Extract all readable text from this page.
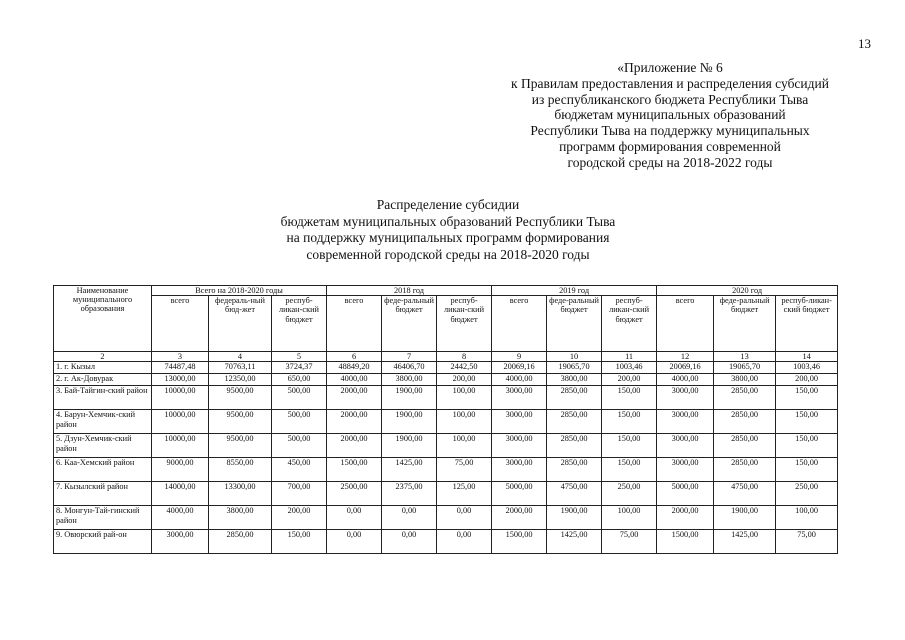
13
«Приложение № 6
к Правилам предоставления и распределения субсидий
из республиканского бюджета Республики Тыва
бюджетам муниципальных образований
Республики Тыва на поддержку муниципальных
программ формирования современной
городской среды на 2018-2022 годы
Распределение субсидии
бюджетам муниципальных образований Республики Тыва
на поддержку муниципальных программ формирования
современной городской среды на 2018-2020 годы
Наименование муниципального образования	Всего на 2018-2020 годы			2018 год			2019 год			2020 год		
	всего	федераль-ный бюд-жет	респуб-ликан-ский бюджет	всего	феде-ральный бюджет	респуб-ликан-ский бюджет	всего	феде-ральный бюджет	респуб-ликан-ский бюджет	всего	феде-ральный бюджет	респуб-ликан-ский бюджет
2	3	4	5	6	7	8	9	10	11	12	13	14
1. г. Кызыл	74487,48	70763,11	3724,37	48849,20	46406,70	2442,50	20069,16	19065,70	1003,46	20069,16	19065,70	1003,46
2. г. Ак-Довурак	13000,00	12350,00	650,00	4000,00	3800,00	200,00	4000,00	3800,00	200,00	4000,00	3800,00	200,00
3. Бай-Тайгин-ский район	10000,00	9500,00	500,00	2000,00	1900,00	100,00	3000,00	2850,00	150,00	3000,00	2850,00	150,00
4. Барун-Хемчик-ский район	10000,00	9500,00	500,00	2000,00	1900,00	100,00	3000,00	2850,00	150,00	3000,00	2850,00	150,00
5. Дзун-Хемчик-ский район	10000,00	9500,00	500,00	2000,00	1900,00	100,00	3000,00	2850,00	150,00	3000,00	2850,00	150,00
6. Каа-Хемский район	9000,00	8550,00	450,00	1500,00	1425,00	75,00	3000,00	2850,00	150,00	3000,00	2850,00	150,00
7. Кызылский район	14000,00	13300,00	700,00	2500,00	2375,00	125,00	5000,00	4750,00	250,00	5000,00	4750,00	250,00
8. Монгун-Тай-гинский район	4000,00	3800,00	200,00	0,00	0,00	0,00	2000,00	1900,00	100,00	2000,00	1900,00	100,00
9. Овюрский рай-он	3000,00	2850,00	150,00	0,00	0,00	0,00	1500,00	1425,00	75,00	1500,00	1425,00	75,00
